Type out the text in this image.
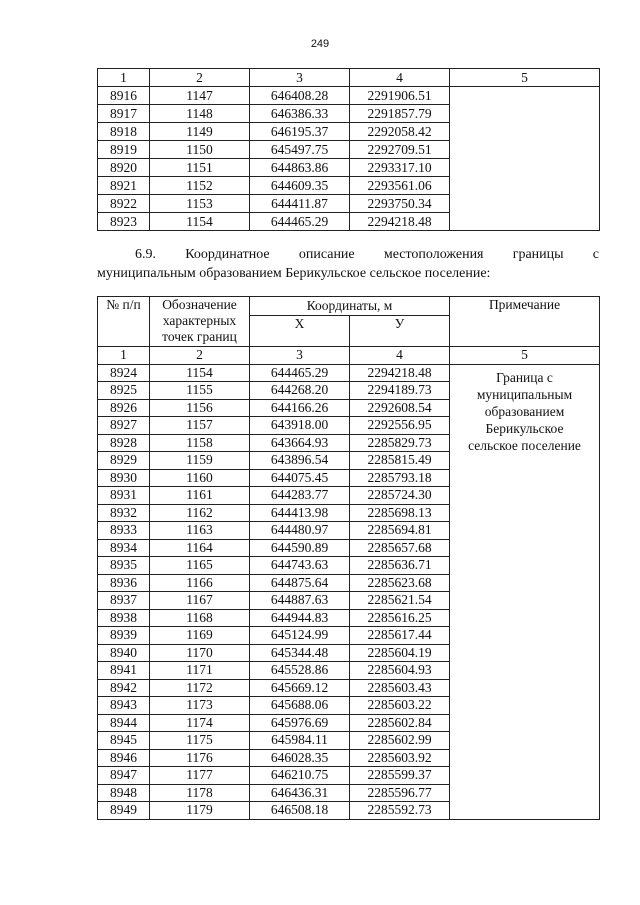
249
1	2	3	4	5
8916	1147	646408.28	2291906.51	
8917	1148	646386.33	2291857.79	
8918	1149	646195.37	2292058.42	
8919	1150	645497.75	2292709.51	
8920	1151	644863.86	2293317.10	
8921	1152	644609.35	2293561.06	
8922	1153	644411.87	2293750.34	
8923	1154	644465.29	2294218.48	
6.9. Координатное описание местоположения границы с
муниципальным образованием Берикульское сельское поселение:
№ п/п	Обозначение характерных точек границ	Координаты, м		Примечание
		X	У	
1	2	3	4	5
8924	1154	644465.29	2294218.48	Граница с муниципальным образованием Берикульское сельское поселение
8925	1155	644268.20	2294189.73	
8926	1156	644166.26	2292608.54	
8927	1157	643918.00	2292556.95	
8928	1158	643664.93	2285829.73	
8929	1159	643896.54	2285815.49	
8930	1160	644075.45	2285793.18	
8931	1161	644283.77	2285724.30	
8932	1162	644413.98	2285698.13	
8933	1163	644480.97	2285694.81	
8934	1164	644590.89	2285657.68	
8935	1165	644743.63	2285636.71	
8936	1166	644875.64	2285623.68	
8937	1167	644887.63	2285621.54	
8938	1168	644944.83	2285616.25	
8939	1169	645124.99	2285617.44	
8940	1170	645344.48	2285604.19	
8941	1171	645528.86	2285604.93	
8942	1172	645669.12	2285603.43	
8943	1173	645688.06	2285603.22	
8944	1174	645976.69	2285602.84	
8945	1175	645984.11	2285602.99	
8946	1176	646028.35	2285603.92	
8947	1177	646210.75	2285599.37	
8948	1178	646436.31	2285596.77	
8949	1179	646508.18	2285592.73	
